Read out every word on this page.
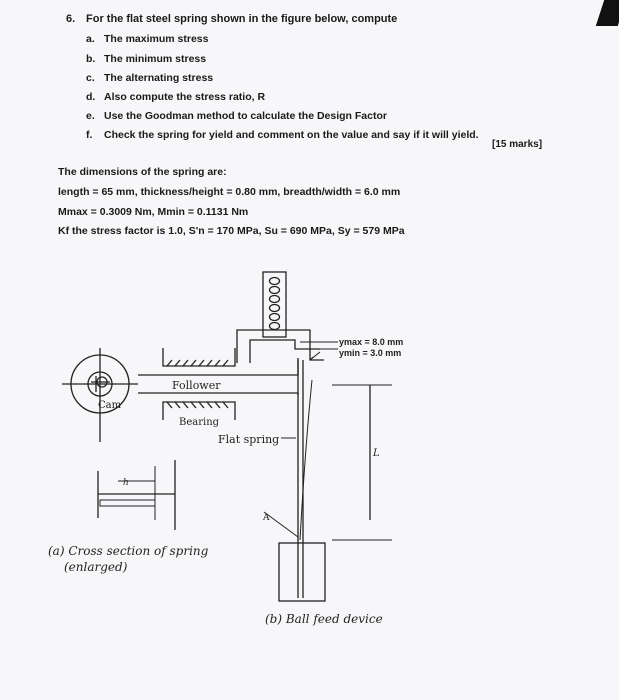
6. For the flat steel spring shown in the figure below, compute
a. The maximum stress
b. The minimum stress
c. The alternating stress
d. Also compute the stress ratio, R
e. Use the Goodman method to calculate the Design Factor
f. Check the spring for yield and comment on the value and say if it will yield.
[15 marks]
The dimensions of the spring are:
length = 65 mm, thickness/height = 0.80 mm, breadth/width = 6.0 mm
Mmax = 0.3009 Nm, Mmin = 0.1131 Nm
Kf the stress factor is 1.0, S'n = 170 MPa, Su = 690 MPa, Sy = 579 MPa
ymax = 8.0 mm
ymin = 3.0 mm
Follower
Cam
Bearing
Flat spring
L
h
A
(a) Cross section of spring
(enlarged)
(b) Ball feed device
